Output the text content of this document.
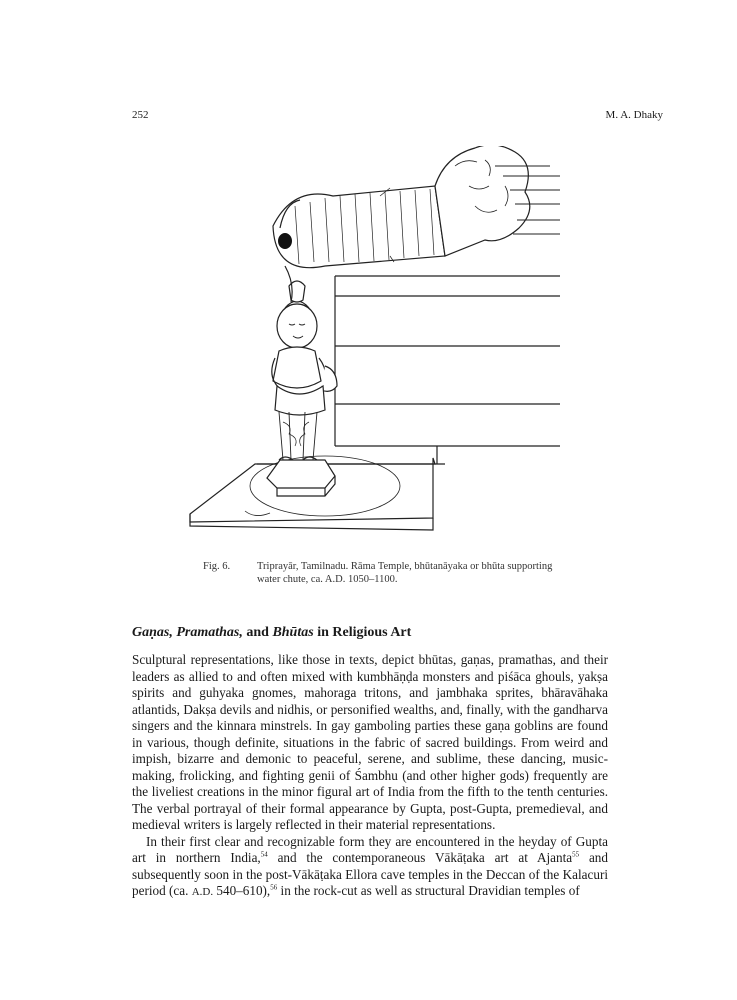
252	M. A. Dhaky
Fig. 6.	Triprayār, Tamilnadu. Rāma Temple, bhūtanāyaka or bhūta supporting
water chute, ca. A.D. 1050–1100.
Gaṇas, Pramathas, and Bhūtas in Religious Art

Sculptural representations, like those in texts, depict bhūtas, gaṇas, pramathas, and their leaders as allied to and often mixed with kumbhāṇḍa monsters and piśāca ghouls, yakṣa spirits and guhyaka gnomes, mahoraga tritons, and jambhaka sprites, bhāravāhaka atlantids, Dakṣa devils and nidhis, or personified wealths, and, finally, with the gandharva singers and the kinnara minstrels. In gay gamboling parties these gaṇa goblins are found in various, though definite, situations in the fabric of sacred buildings. From weird and impish, bizarre and demonic to peaceful, serene, and sublime, these dancing, music-making, frolicking, and fighting genii of Śambhu (and other higher gods) frequently are the liveliest creations in the minor figural art of India from the fifth to the tenth centuries. The verbal portrayal of their formal appearance by Gupta, post-Gupta, premedieval, and medieval writers is largely reflected in their material representations.

In their first clear and recognizable form they are encountered in the heyday of Gupta art in northern India,$^{54}$ and the contemporaneous Vākāṭaka art at Ajanta$^{55}$ and subsequently soon in the post-Vākāṭaka Ellora cave temples in the Deccan of the Kalacuri period (ca. A.D. 540–610),$^{56}$ in the rock-cut as well as structural Dravidian temples of
